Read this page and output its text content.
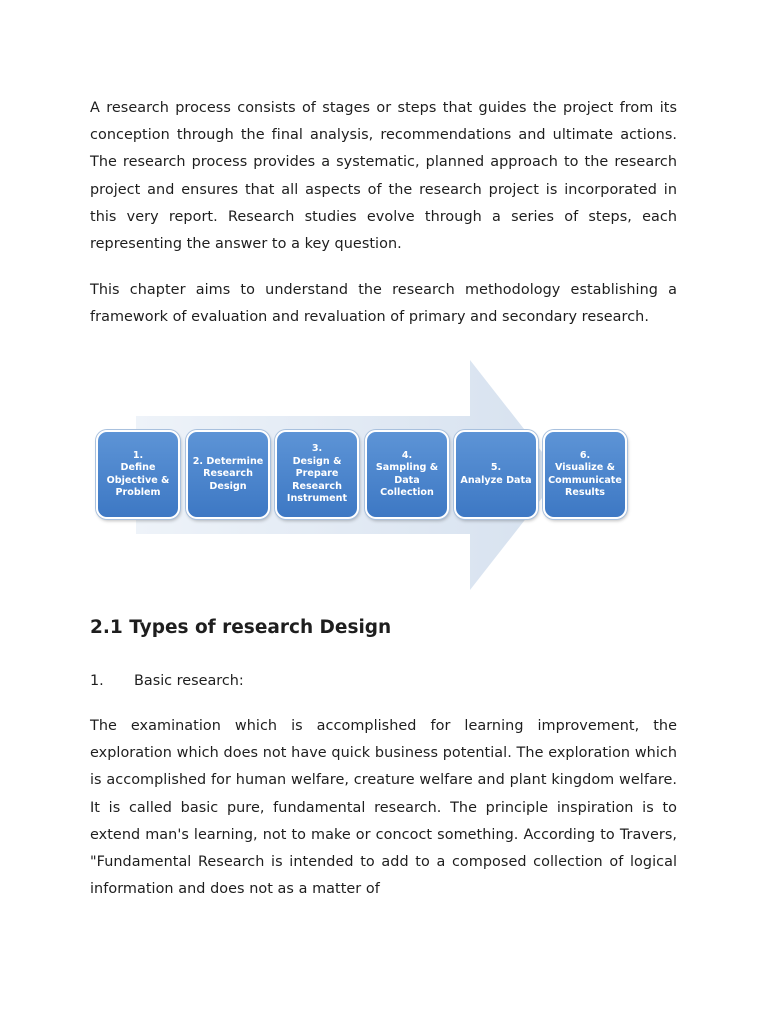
A research process consists of stages or steps that guides the project from its conception through the final analysis, recommendations and ultimate actions. The research process provides a systematic, planned approach to the research project and ensures that all aspects of the research project is incorporated in this very report. Research studies evolve through a series of steps, each representing the answer to a key question.

This chapter aims to understand the research methodology establishing a framework of evaluation and revaluation of primary and secondary research.

1.
Define
Objective &
Problem
2. Determine
Research
Design
3.
Design &
Prepare
Research
Instrument
4.
Sampling &
Data
Collection
5.
Analyze Data
6.
Visualize &
Communicate
Results
2.1 Types of research Design
1. Basic research:

The examination which is accomplished for learning improvement, the exploration which does not have quick business potential. The exploration which is accomplished for human welfare, creature welfare and plant kingdom welfare. It is called basic pure, fundamental research. The principle inspiration is to extend man's learning, not to make or concoct something. According to Travers, "Fundamental Research is intended to add to a composed collection of logical information and does not as a matter of
